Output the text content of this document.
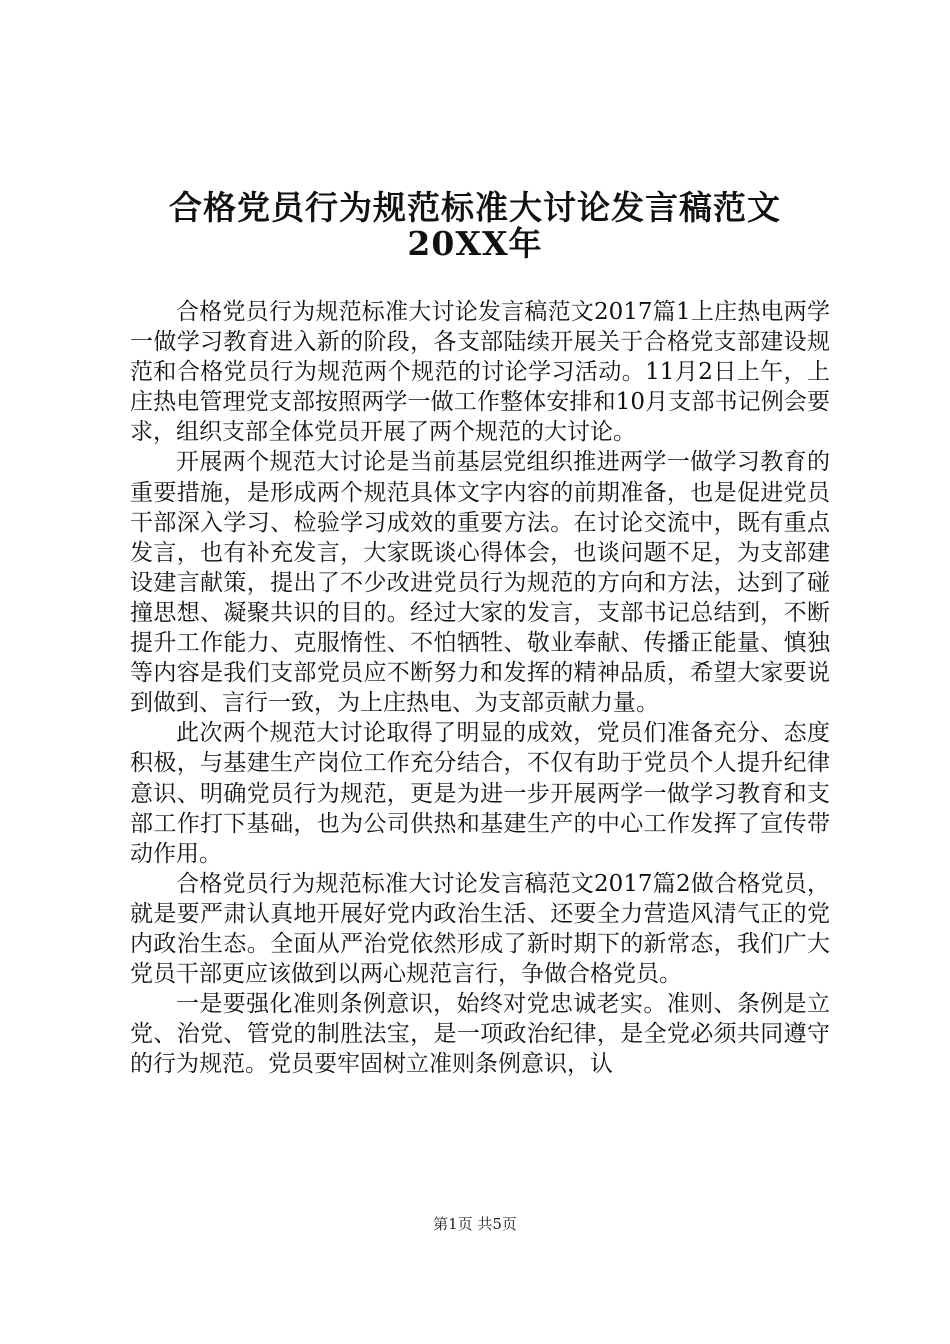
合格党员行为规范标准大讨论发言稿范文
20XX年

合格党员行为规范标准大讨论发言稿范文2017篇1上庄热电两学一做学习教育进入新的阶段，各支部陆续开展关于合格党支部建设规范和合格党员行为规范两个规范的讨论学习活动。11月2日上午，上庄热电管理党支部按照两学一做工作整体安排和10月支部书记例会要求，组织支部全体党员开展了两个规范的大讨论。

开展两个规范大讨论是当前基层党组织推进两学一做学习教育的重要措施，是形成两个规范具体文字内容的前期准备，也是促进党员干部深入学习、检验学习成效的重要方法。在讨论交流中，既有重点发言，也有补充发言，大家既谈心得体会，也谈问题不足，为支部建设建言献策，提出了不少改进党员行为规范的方向和方法，达到了碰撞思想、凝聚共识的目的。经过大家的发言，支部书记总结到，不断提升工作能力、克服惰性、不怕牺牲、敬业奉献、传播正能量、慎独等内容是我们支部党员应不断努力和发挥的精神品质，希望大家要说到做到、言行一致，为上庄热电、为支部贡献力量。

此次两个规范大讨论取得了明显的成效，党员们准备充分、态度积极，与基建生产岗位工作充分结合，不仅有助于党员个人提升纪律意识、明确党员行为规范，更是为进一步开展两学一做学习教育和支部工作打下基础，也为公司供热和基建生产的中心工作发挥了宣传带动作用。

合格党员行为规范标准大讨论发言稿范文2017篇2做合格党员，就是要严肃认真地开展好党内政治生活、还要全力营造风清气正的党内政治生态。全面从严治党依然形成了新时期下的新常态，我们广大党员干部更应该做到以两心规范言行，争做合格党员。

一是要强化准则条例意识，始终对党忠诚老实。准则、条例是立党、治党、管党的制胜法宝，是一项政治纪律，是全党必须共同遵守的行为规范。党员要牢固树立准则条例意识，认

第1页 共5页
